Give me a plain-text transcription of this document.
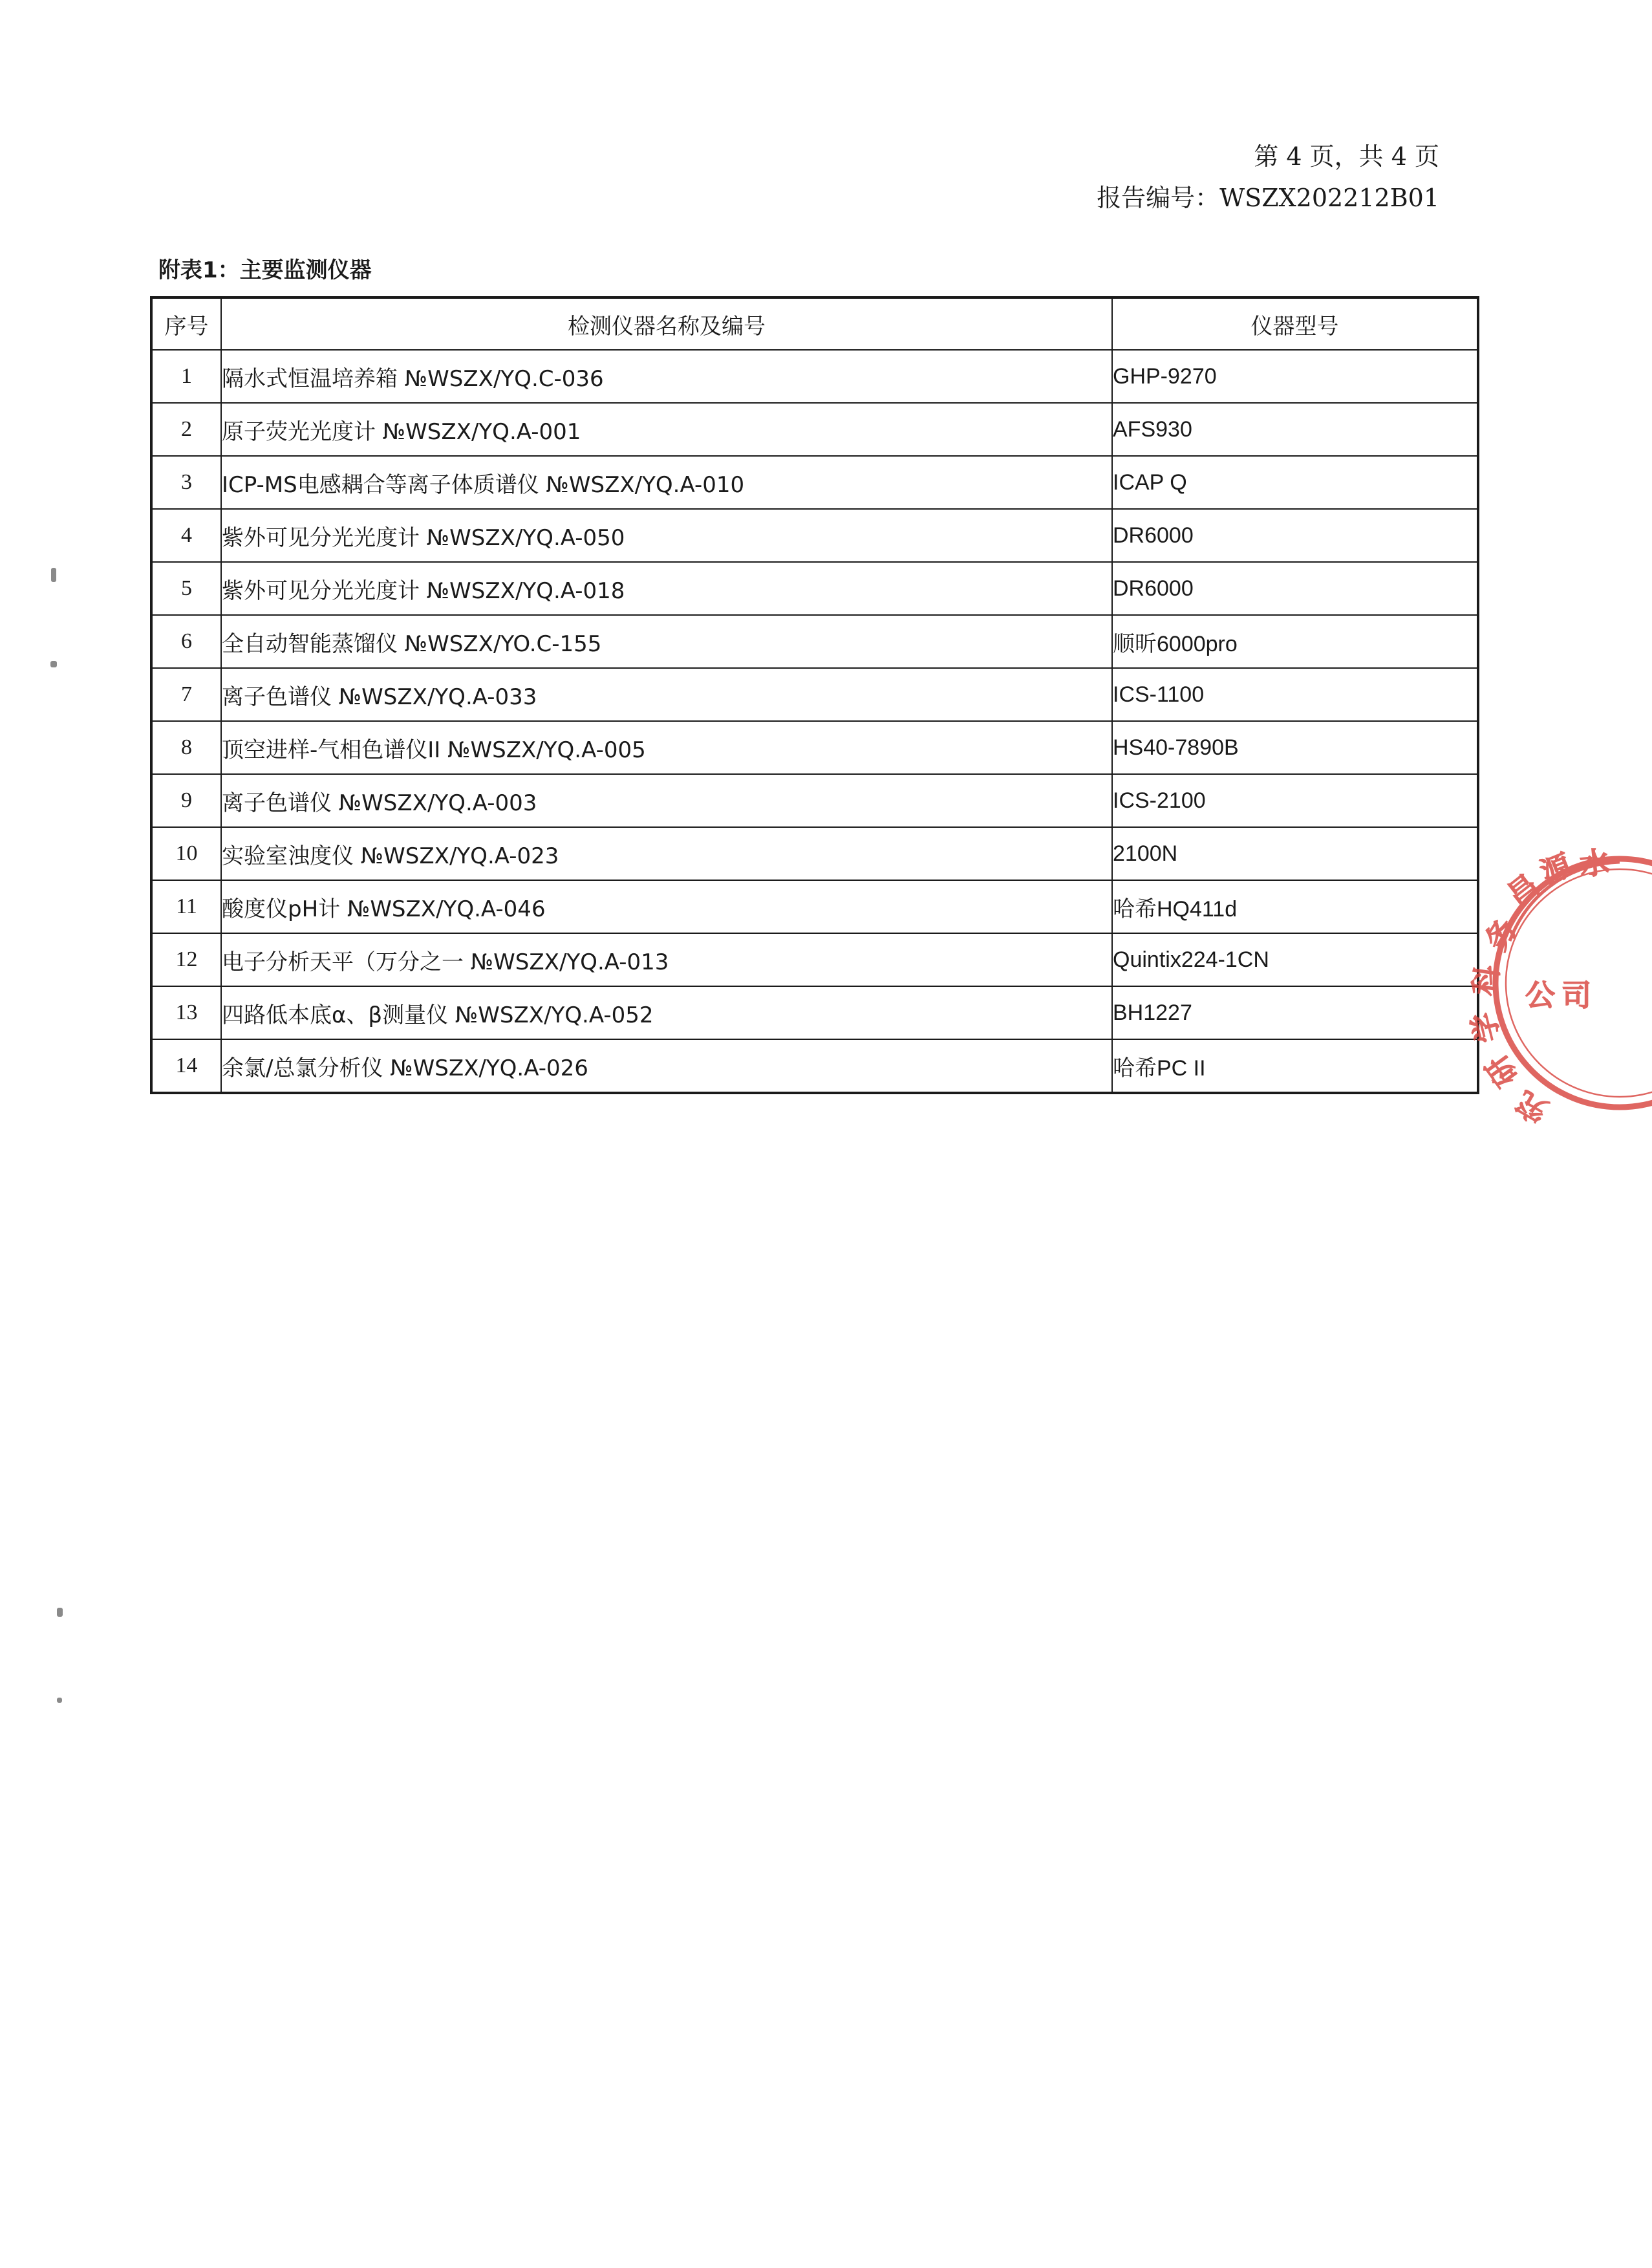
第 4 页，共 4 页
报告编号：WSZX202212B01
附表1：主要监测仪器
序号	检测仪器名称及编号	仪器型号
1	隔水式恒温培养箱 №WSZX/YQ.C-036	GHP-9270
2	原子荧光光度计 №WSZX/YQ.A-001	AFS930
3	ICP-MS电感耦合等离子体质谱仪 №WSZX/YQ.A-010	ICAP Q
4	紫外可见分光光度计 №WSZX/YQ.A-050	DR6000
5	紫外可见分光光度计 №WSZX/YQ.A-018	DR6000
6	全自动智能蒸馏仪 №WSZX/YO.C-155	顺昕6000pro
7	离子色谱仪 №WSZX/YQ.A-033	ICS-1100
8	顶空进样-气相色谱仪II №WSZX/YQ.A-005	HS40-7890B
9	离子色谱仪 №WSZX/YQ.A-003	ICS-2100
10	实验室浊度仪 №WSZX/YQ.A-023	2100N
11	酸度仪pH计 №WSZX/YQ.A-046	哈希HQ411d
12	电子分析天平（万分之一 №WSZX/YQ.A-013	Quintix224-1CN
13	四路低本底α、β测量仪 №WSZX/YQ.A-052	BH1227
14	余氯/总氯分析仪 №WSZX/YQ.A-026	哈希PC II
昌
源 水
务
科
学
研
究
公 司
